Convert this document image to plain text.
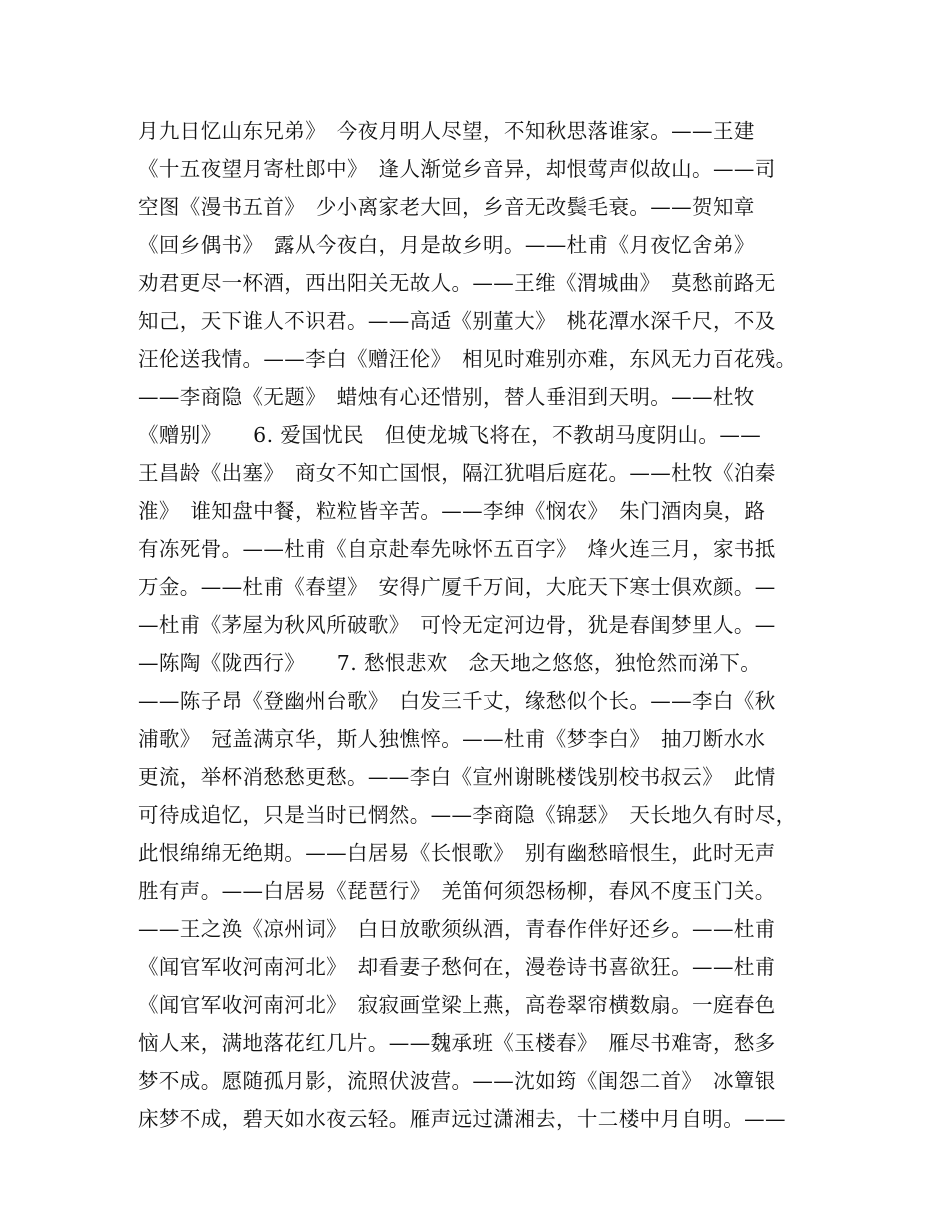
月九日忆山东兄弟》　今夜月明人尽望，不知秋思落谁家。——王建
《十五夜望月寄杜郎中》　逢人渐觉乡音异，却恨莺声似故山。——司
空图《漫书五首》　少小离家老大回，乡音无改鬓毛衰。——贺知章
《回乡偶书》　露从今夜白，月是故乡明。——杜甫《月夜忆舍弟》
劝君更尽一杯酒，西出阳关无故人。——王维《渭城曲》　莫愁前路无
知己，天下谁人不识君。——高适《别董大》　桃花潭水深千尺，不及
汪伦送我情。——李白《赠汪伦》　相见时难别亦难，东风无力百花残。
——李商隐《无题》　蜡烛有心还惜别，替人垂泪到天明。——杜牧
《赠别》　　6. 爱国忧民　但使龙城飞将在，不教胡马度阴山。——
王昌龄《出塞》　商女不知亡国恨，隔江犹唱后庭花。——杜牧《泊秦
淮》　谁知盘中餐，粒粒皆辛苦。——李绅《悯农》　朱门酒肉臭，路
有冻死骨。——杜甫《自京赴奉先咏怀五百字》　烽火连三月，家书抵
万金。——杜甫《春望》　安得广厦千万间，大庇天下寒士俱欢颜。—
—杜甫《茅屋为秋风所破歌》　可怜无定河边骨，犹是春闺梦里人。—
—陈陶《陇西行》　　7. 愁恨悲欢　念天地之悠悠，独怆然而涕下。
——陈子昂《登幽州台歌》　白发三千丈，缘愁似个长。——李白《秋
浦歌》　冠盖满京华，斯人独憔悴。——杜甫《梦李白》　抽刀断水水
更流，举杯消愁愁更愁。——李白《宣州谢眺楼饯别校书叔云》　此情
可待成追忆，只是当时已惘然。——李商隐《锦瑟》　天长地久有时尽，
此恨绵绵无绝期。——白居易《长恨歌》　别有幽愁暗恨生，此时无声
胜有声。——白居易《琵琶行》　羌笛何须怨杨柳，春风不度玉门关。
——王之涣《凉州词》　白日放歌须纵酒，青春作伴好还乡。——杜甫
《闻官军收河南河北》　却看妻子愁何在，漫卷诗书喜欲狂。——杜甫
《闻官军收河南河北》　寂寂画堂梁上燕，高卷翠帘横数扇。一庭春色
恼人来，满地落花红几片。——魏承班《玉楼春》　雁尽书难寄，愁多
梦不成。愿随孤月影，流照伏波营。——沈如筠《闺怨二首》　冰簟银
床梦不成，碧天如水夜云轻。雁声远过潇湘去，十二楼中月自明。——
